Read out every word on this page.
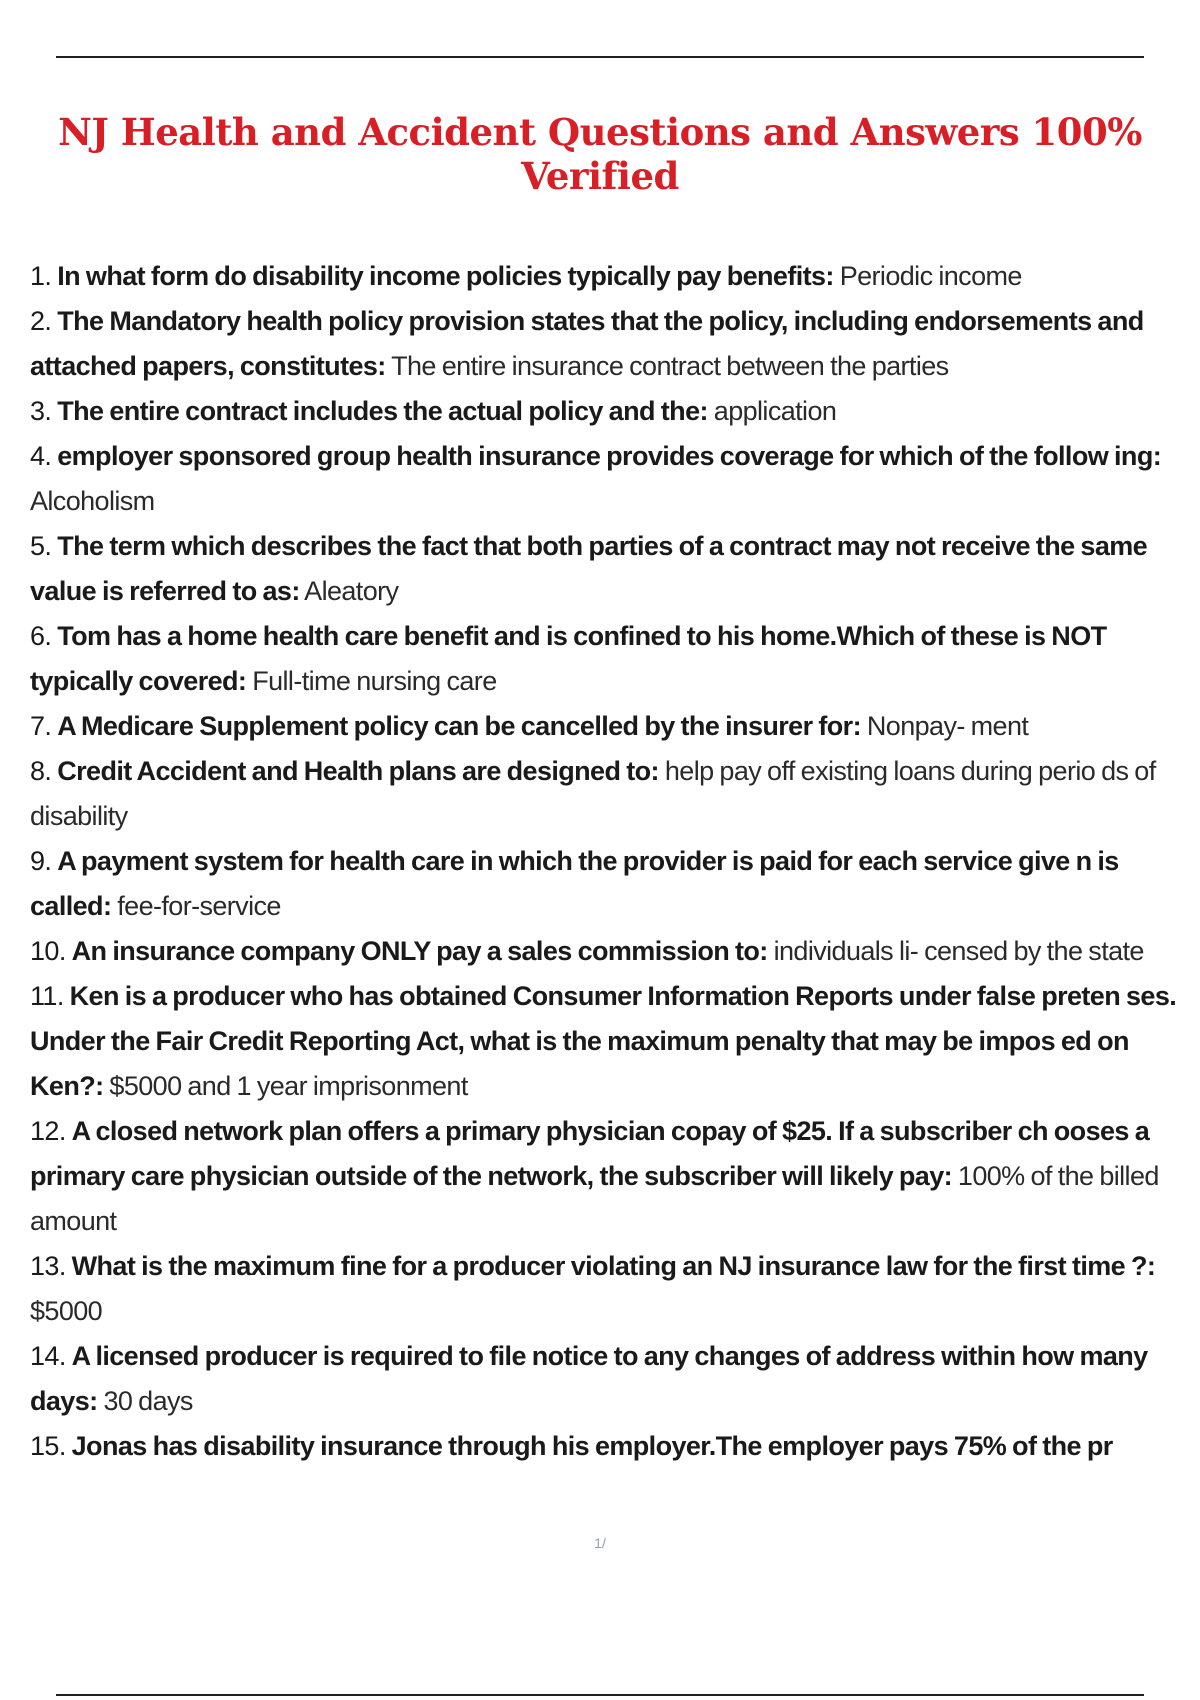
NJ Health and Accident Questions and Answers 100% Verified
1. In what form do disability income policies typically pay benefits: Periodic income
2. The Mandatory health policy provision states that the policy, including endorsements and attached papers, constitutes: The entire insurance contract between the parties
3. The entire contract includes the actual policy and the: application
4. employer sponsored group health insurance provides coverage for which of the follow ing: Alcoholism
5. The term which describes the fact that both parties of a contract may not receive the same value is referred to as: Aleatory
6. Tom has a home health care benefit and is confined to his home.Which of these is NOT typically covered: Full-time nursing care
7. A Medicare Supplement policy can be cancelled by the insurer for: Nonpay- ment
8. Credit Accident and Health plans are designed to: help pay off existing loans during perio ds of disability
9. A payment system for health care in which the provider is paid for each service give n is called: fee-for-service
10. An insurance company ONLY pay a sales commission to: individuals li- censed by the state
11. Ken is a producer who has obtained Consumer Information Reports under false preten ses. Under the Fair Credit Reporting Act, what is the maximum penalty that may be impos ed on Ken?: $5000 and 1 year imprisonment
12. A closed network plan offers a primary physician copay of $25. If a subscriber ch ooses a primary care physician outside of the network, the subscriber will likely pay: 100% of the billed amount
13. What is the maximum fine for a producer violating an NJ insurance law for the first time ?: $5000
14. A licensed producer is required to file notice to any changes of address within how many days: 30 days
15. Jonas has disability insurance through his employer.The employer pays 75% of the pr
1/
